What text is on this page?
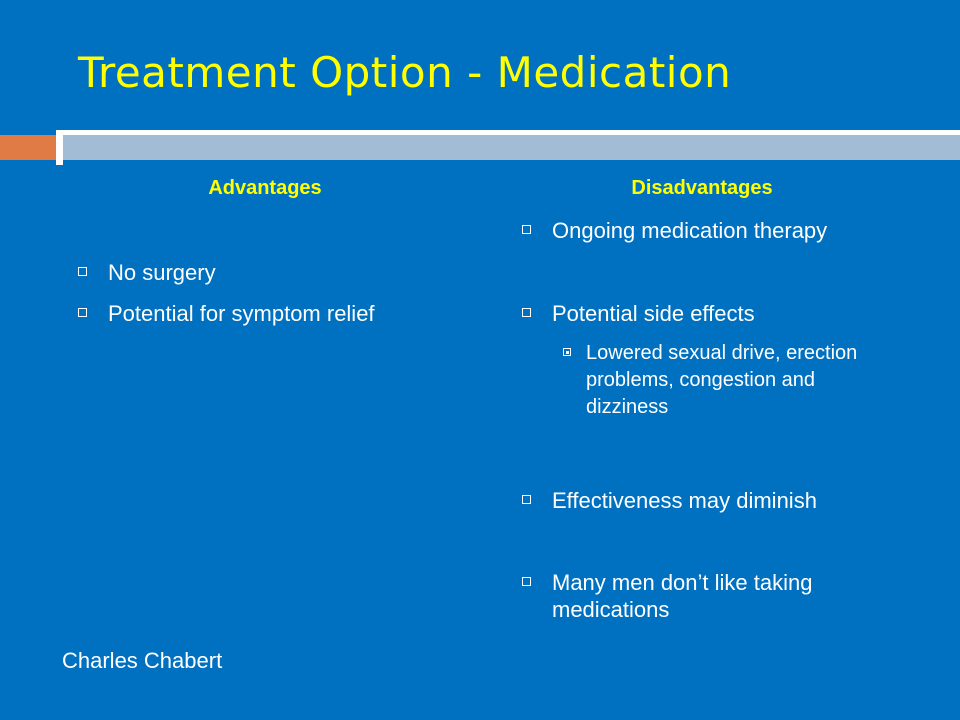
Treatment Option - Medication
Advantages
No surgery
Potential for symptom relief
Disadvantages
Ongoing medication therapy
Potential side effects
Lowered sexual drive, erection problems, congestion and dizziness
Effectiveness may diminish
Many men don’t like taking medications
Charles Chabert
